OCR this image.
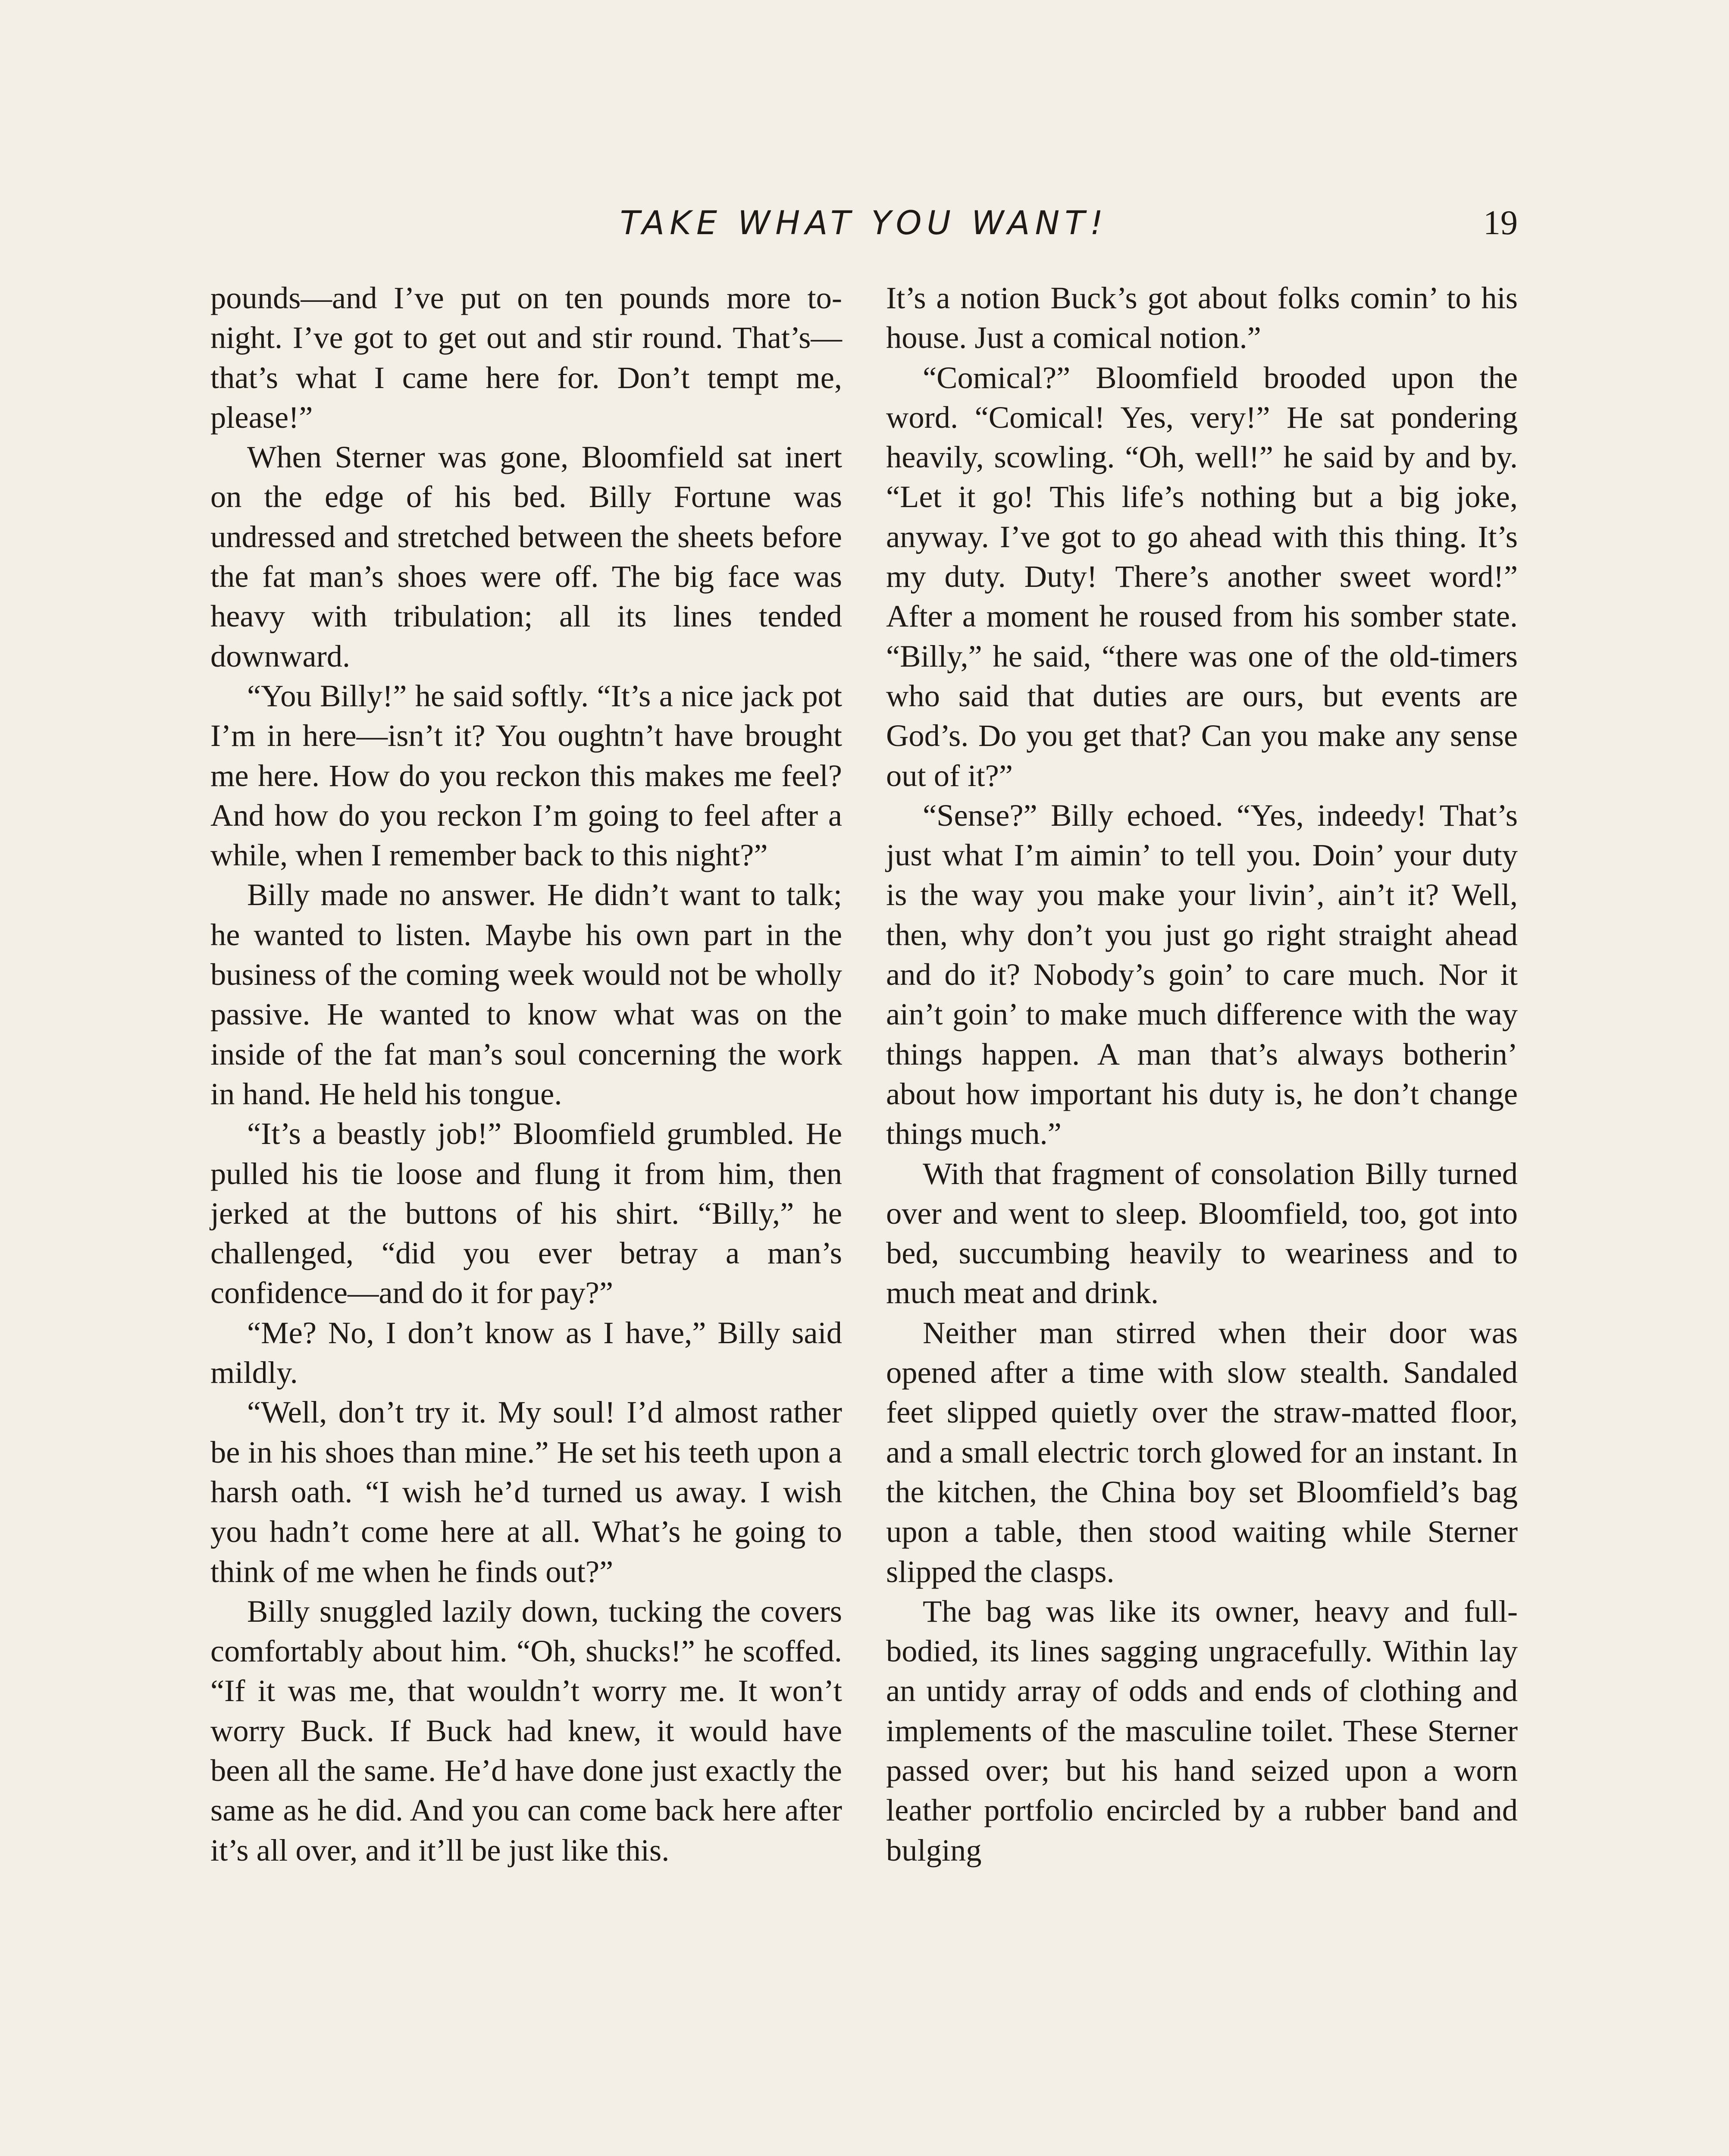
TAKE WHAT YOU WANT!	19

pounds—and I’ve put on ten pounds more to-night. I’ve got to get out and stir round. That’s—that’s what I came here for. Don’t tempt me, please!”

When Sterner was gone, Bloomfield sat inert on the edge of his bed. Billy Fortune was undressed and stretched between the sheets before the fat man’s shoes were off. The big face was heavy with tribulation; all its lines tended downward.

“You Billy!” he said softly. “It’s a nice jack pot I’m in here—isn’t it? You oughtn’t have brought me here. How do you reckon this makes me feel? And how do you reckon I’m going to feel after a while, when I remember back to this night?”

Billy made no answer. He didn’t want to talk; he wanted to listen. Maybe his own part in the business of the coming week would not be wholly passive. He wanted to know what was on the inside of the fat man’s soul concerning the work in hand. He held his tongue.

“It’s a beastly job!” Bloomfield grumbled. He pulled his tie loose and flung it from him, then jerked at the buttons of his shirt. “Billy,” he challenged, “did you ever betray a man’s confidence—and do it for pay?”

“Me? No, I don’t know as I have,” Billy said mildly.

“Well, don’t try it. My soul! I’d almost rather be in his shoes than mine.” He set his teeth upon a harsh oath. “I wish he’d turned us away. I wish you hadn’t come here at all. What’s he going to think of me when he finds out?”

Billy snuggled lazily down, tucking the covers comfortably about him. “Oh, shucks!” he scoffed. “If it was me, that wouldn’t worry me. It won’t worry Buck. If Buck had knew, it would have been all the same. He’d have done just exactly the same as he did. And you can come back here after it’s all over, and it’ll be just like this.

It’s a notion Buck’s got about folks comin’ to his house. Just a comical notion.”

“Comical?” Bloomfield brooded upon the word. “Comical! Yes, very!” He sat pondering heavily, scowling. “Oh, well!” he said by and by. “Let it go! This life’s nothing but a big joke, anyway. I’ve got to go ahead with this thing. It’s my duty. Duty! There’s another sweet word!” After a moment he roused from his somber state. “Billy,” he said, “there was one of the old-timers who said that duties are ours, but events are God’s. Do you get that? Can you make any sense out of it?”

“Sense?” Billy echoed. “Yes, indeedy! That’s just what I’m aimin’ to tell you. Doin’ your duty is the way you make your livin’, ain’t it? Well, then, why don’t you just go right straight ahead and do it? Nobody’s goin’ to care much. Nor it ain’t goin’ to make much difference with the way things happen. A man that’s always botherin’ about how important his duty is, he don’t change things much.”

With that fragment of consolation Billy turned over and went to sleep. Bloomfield, too, got into bed, succumbing heavily to weariness and to much meat and drink.

Neither man stirred when their door was opened after a time with slow stealth. Sandaled feet slipped quietly over the straw-matted floor, and a small electric torch glowed for an instant. In the kitchen, the China boy set Bloomfield’s bag upon a table, then stood waiting while Sterner slipped the clasps.

The bag was like its owner, heavy and full-bodied, its lines sagging ungracefully. Within lay an untidy array of odds and ends of clothing and implements of the masculine toilet. These Sterner passed over; but his hand seized upon a worn leather portfolio encircled by a rubber band and bulging
